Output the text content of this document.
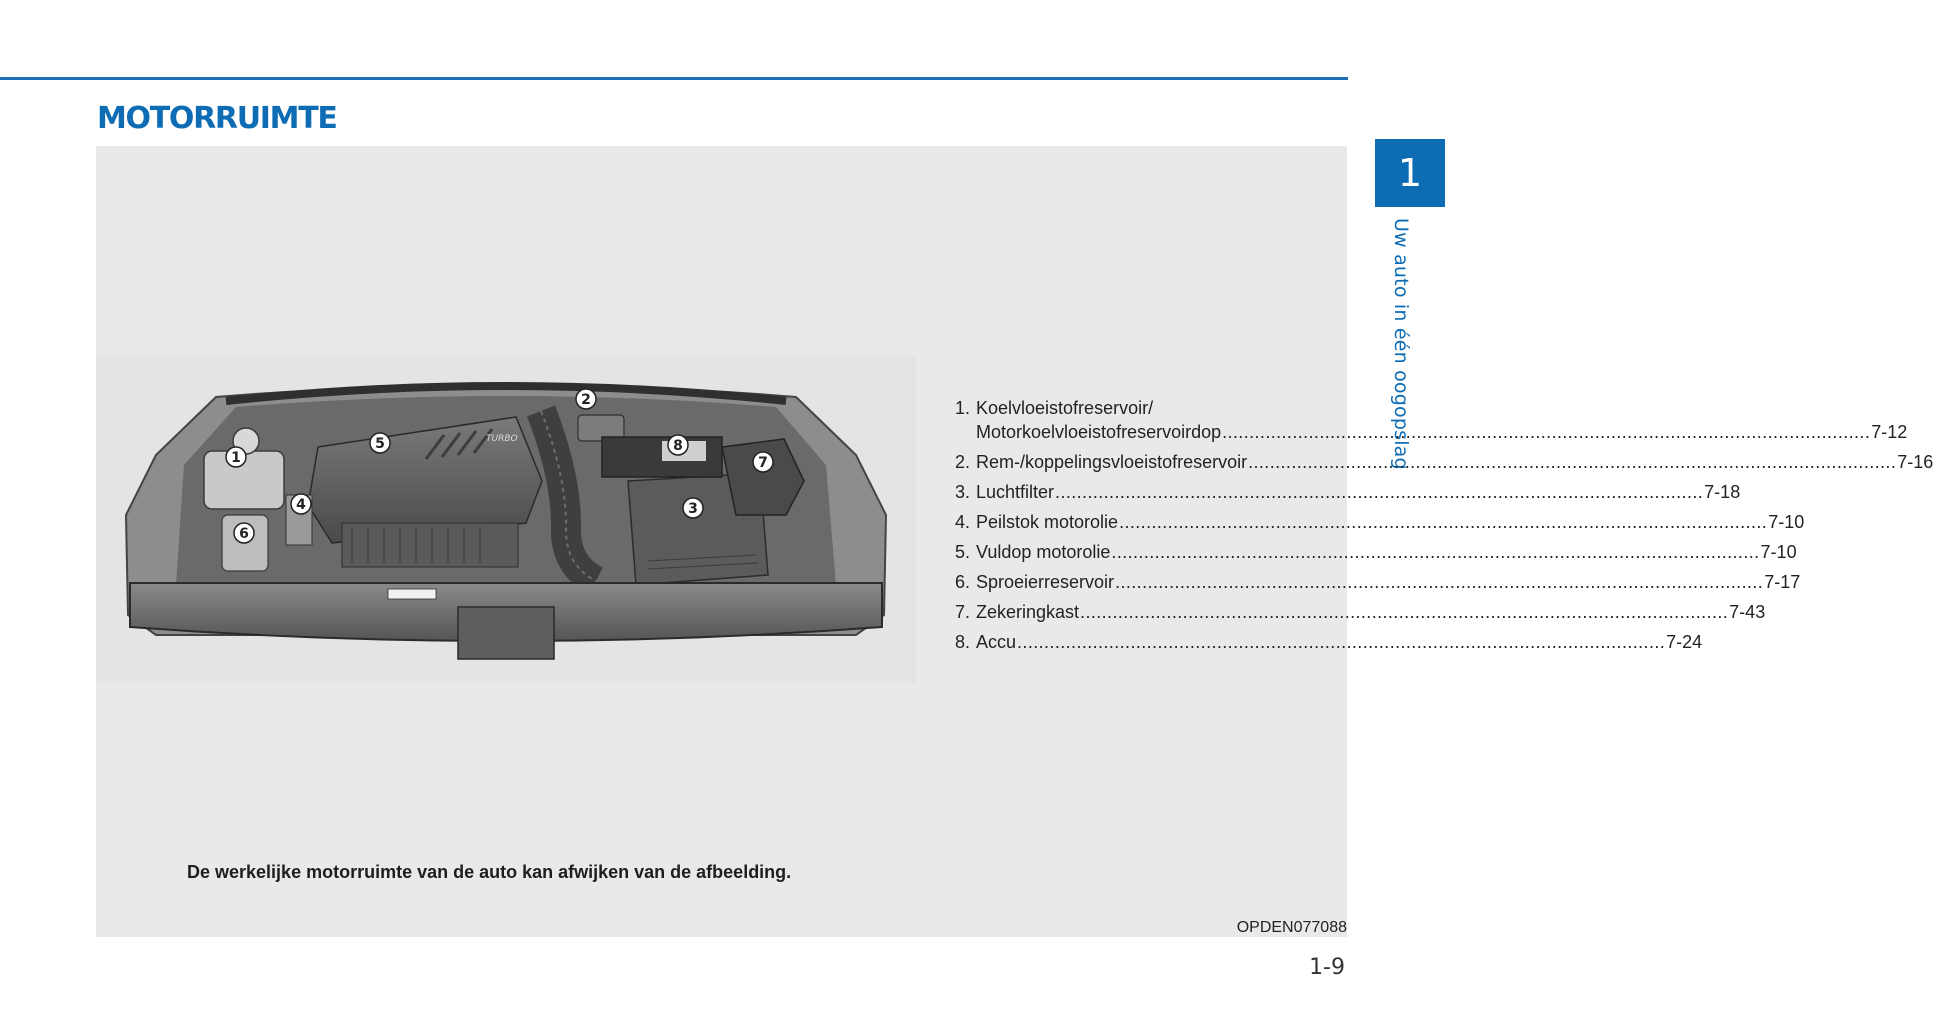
MOTORRUIMTE
1
Uw auto in één oogopslag
TURBO
1
2
3
4
5
6
7
8
1. Koelvloeistofreservoir/
Motorkoelvloeistofreservoirdop .....	7-12
2. Rem-/koppelingsvloeistofreservoir .....	7-16
3. Luchtfilter .....	7-18
4. Peilstok motorolie .....	7-10
5. Vuldop motorolie .....	7-10
6. Sproeierreservoir .....	7-17
7. Zekeringkast .....	7-43
8. Accu .....	7-24

De werkelijke motorruimte van de auto kan afwijken van de afbeelding.

OPDEN077088
1-9
